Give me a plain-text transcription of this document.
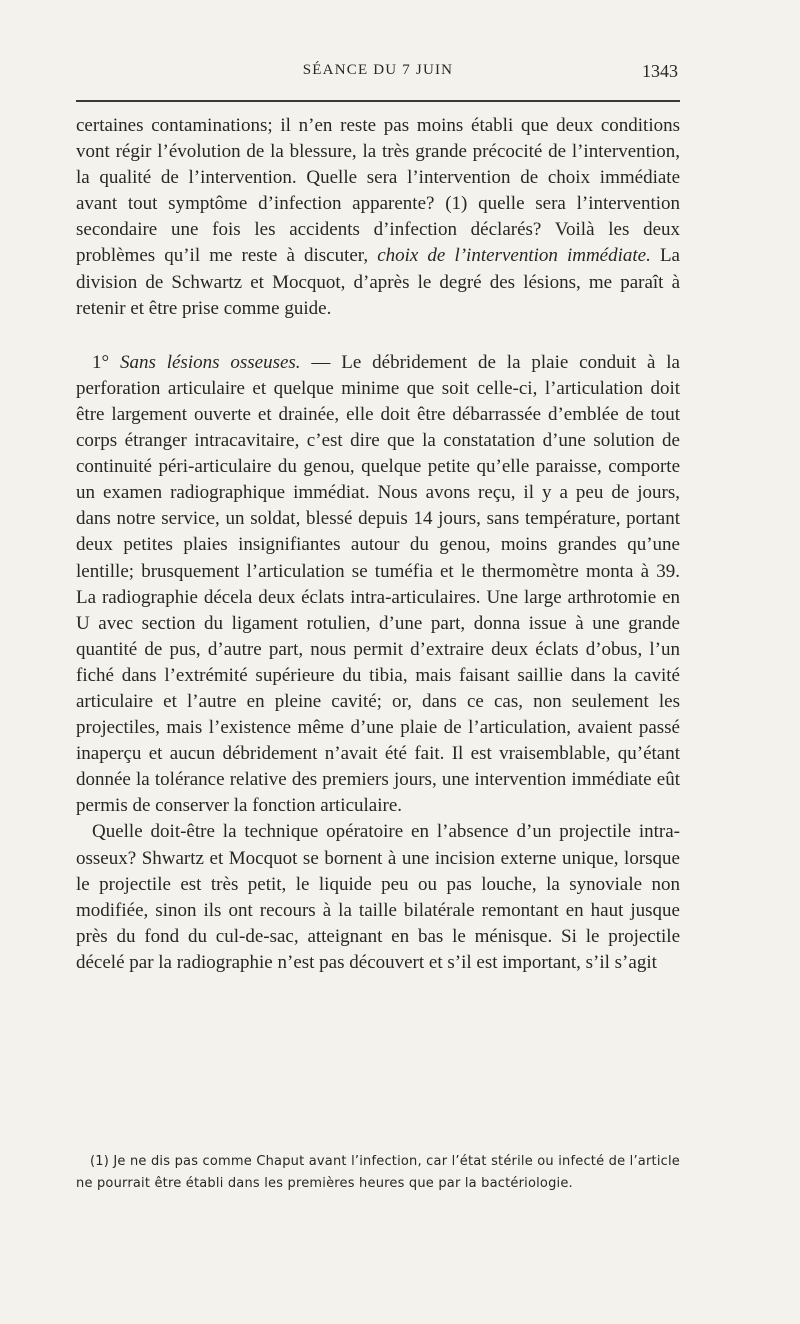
SÉANCE DU 7 JUIN	1343

certaines contaminations; il n’en reste pas moins établi que deux conditions vont régir l’évolution de la blessure, la très grande précocité de l’intervention, la qualité de l’intervention. Quelle sera l’intervention de choix immédiate avant tout symptôme d’infection apparente? (1) quelle sera l’intervention secondaire une fois les accidents d’infection déclarés? Voilà les deux problèmes qu’il me reste à discuter, choix de l’intervention immédiate. La division de Schwartz et Mocquot, d’après le degré des lésions, me paraît à retenir et être prise comme guide.

1° Sans lésions osseuses. — Le débridement de la plaie conduit à la perforation articulaire et quelque minime que soit celle-ci, l’articulation doit être largement ouverte et drainée, elle doit être débarrassée d’emblée de tout corps étranger intracavitaire, c’est dire que la constatation d’une solution de continuité péri-articulaire du genou, quelque petite qu’elle paraisse, comporte un examen radiographique immédiat. Nous avons reçu, il y a peu de jours, dans notre service, un soldat, blessé depuis 14 jours, sans température, portant deux petites plaies insignifiantes autour du genou, moins grandes qu’une lentille; brusquement l’articulation se tuméfia et le thermomètre monta à 39. La radiographie décela deux éclats intra-articulaires. Une large arthrotomie en U avec section du ligament rotulien, d’une part, donna issue à une grande quantité de pus, d’autre part, nous permit d’extraire deux éclats d’obus, l’un fiché dans l’extrémité supérieure du tibia, mais faisant saillie dans la cavité articulaire et l’autre en pleine cavité; or, dans ce cas, non seulement les projectiles, mais l’existence même d’une plaie de l’articulation, avaient passé inaperçu et aucun débridement n’avait été fait. Il est vraisemblable, qu’étant donnée la tolérance relative des premiers jours, une intervention immédiate eût permis de conserver la fonction articulaire.

Quelle doit-être la technique opératoire en l’absence d’un projectile intra-osseux? Shwartz et Mocquot se bornent à une incision externe unique, lorsque le projectile est très petit, le liquide peu ou pas louche, la synoviale non modifiée, sinon ils ont recours à la taille bilatérale remontant en haut jusque près du fond du cul-de-sac, atteignant en bas le ménisque. Si le projectile décelé par la radiographie n’est pas découvert et s’il est important, s’il s’agit

(1) Je ne dis pas comme Chaput avant l’infection, car l’état stérile ou infecté de l’article ne pourrait être établi dans les premières heures que par la bactériologie.
